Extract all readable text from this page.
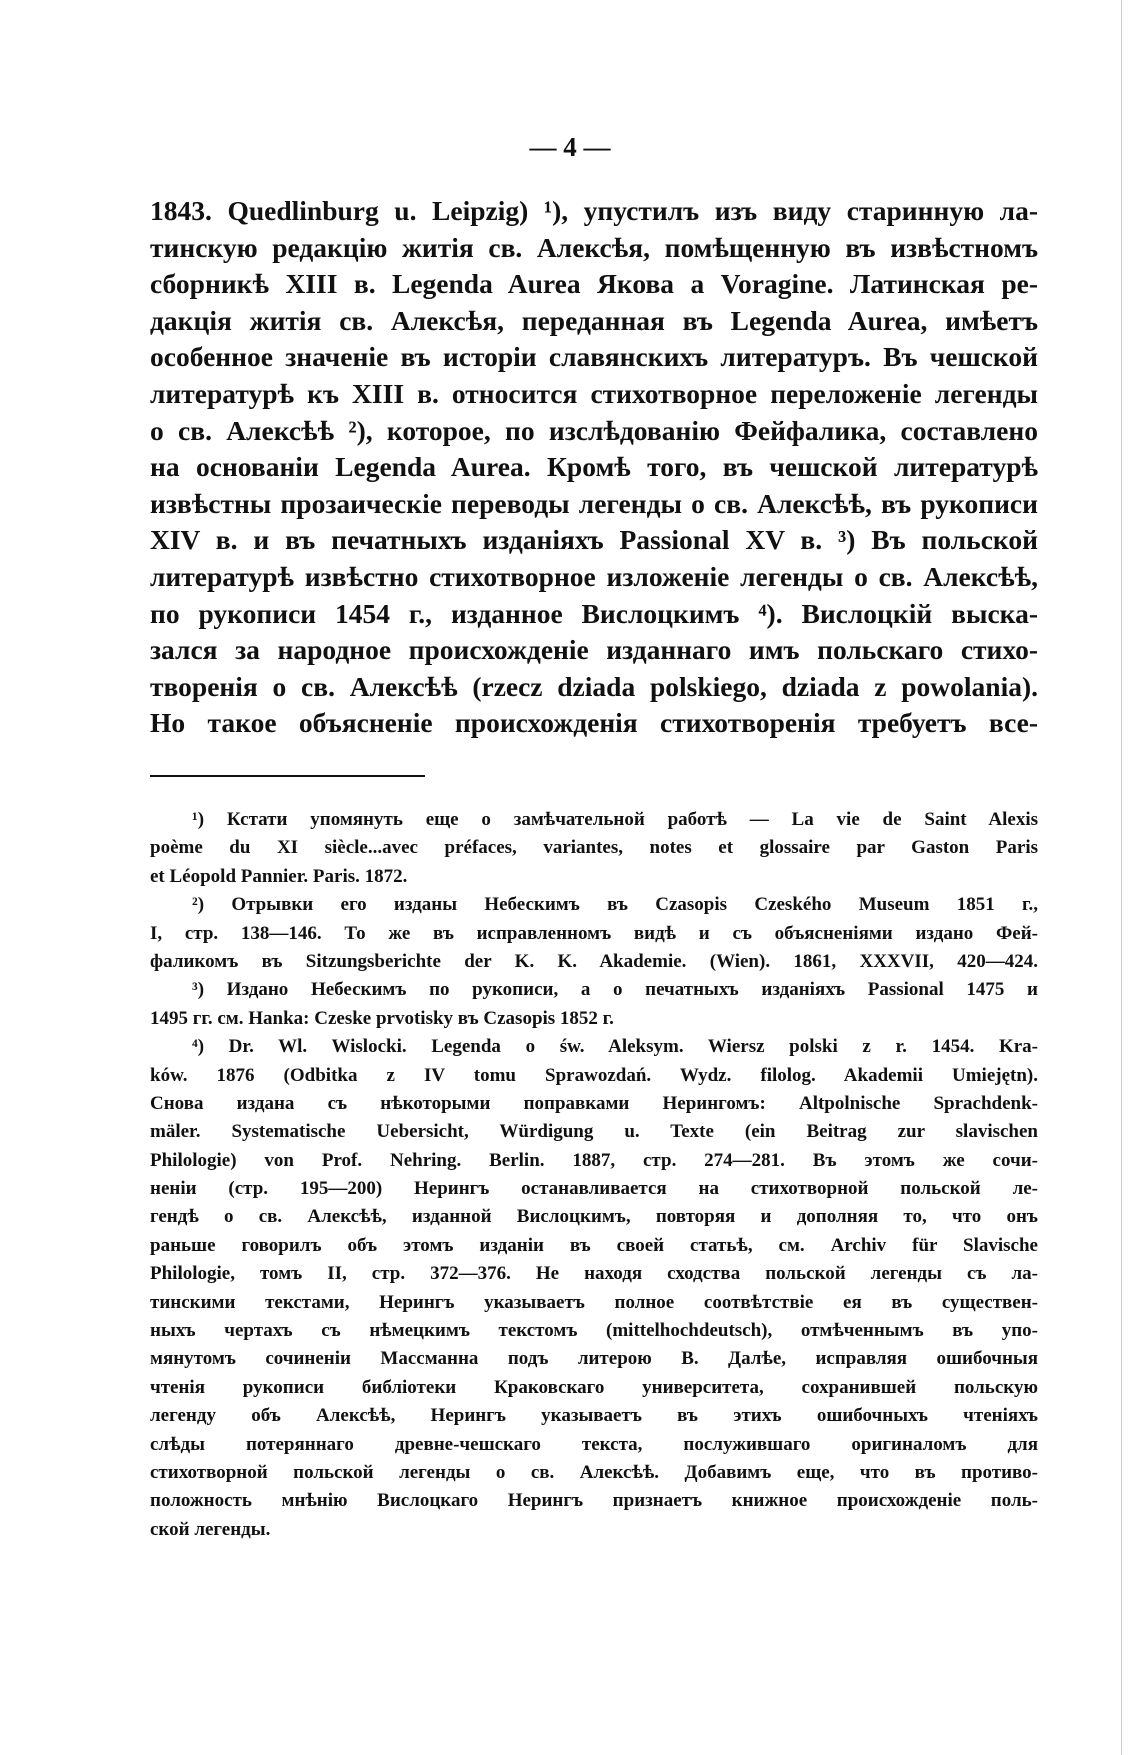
— 4 —
1843. Quedlinburg u. Leipzig) ¹), упустилъ изъ виду старинную ла-
тинскую редакцію житія св. Алексѣя, помѣщенную въ извѣстномъ
сборникѣ XIII в. Legenda Aurea Якова а Voragine. Латинская ре-
дакція житія св. Алексѣя, переданная въ Legenda Aurea, имѣетъ
особенное значеніе въ исторіи славянскихъ литературъ. Въ чешской
литературѣ къ XIII в. относится стихотворное переложеніе легенды
о св. Алексѣѣ ²), которое, по изслѣдованію Фейфалика, составлено
на основаніи Legenda Aurea. Кромѣ того, въ чешской литературѣ
извѣстны прозаическіе переводы легенды о св. Алексѣѣ, въ рукописи
XIV в. и въ печатныхъ изданіяхъ Passional XV в. ³) Въ польской
литературѣ извѣстно стихотворное изложеніе легенды о св. Алексѣѣ,
по рукописи 1454 г., изданное Вислоцкимъ ⁴). Вислоцкій выска-
зался за народное происхожденіе изданнаго имъ польскаго стихо-
творенія о св. Алексѣѣ (rzecz dziada polskiego, dziada z powolania).
Но такое объясненіе происхожденія стихотворенія требуетъ все-
¹) Кстати упомянуть еще о замѣчательной работѣ — La vie de Saint Alexis
poème du XI siècle...avec préfaces, variantes, notes et glossaire par Gaston Paris
et Léopold Pannier. Paris. 1872.
²) Отрывки его изданы Небескимъ въ Czasopis Czeského Museum 1851 г.,
I, стр. 138—146. То же въ исправленномъ видѣ и съ объясненіями издано Фей-
фаликомъ въ Sitzungsberichte der K. K. Akademie. (Wien). 1861, XXXVII, 420—424.
³) Издано Небескимъ по рукописи, а о печатныхъ изданіяхъ Passional 1475 и
1495 гг. см. Hanka: Czeske prvotisky въ Czasopis 1852 г.
⁴) Dr. Wl. Wislocki. Legenda o św. Aleksym. Wiersz polski z r. 1454. Kra-
ków. 1876 (Odbitka z IV tomu Sprawozdań. Wydz. filolog. Akademii Umiejętn).
Снова издана съ нѣкоторыми поправками Нерингомъ: Altpolnische Sprachdenk-
mäler. Systematische Uebersicht, Würdigung u. Texte (ein Beitrag zur slavischen
Philologie) von Prof. Nehring. Berlin. 1887, стр. 274—281. Въ этомъ же сочи-
неніи (стр. 195—200) Нерингъ останавливается на стихотворной польской ле-
гендѣ о св. Алексѣѣ, изданной Вислоцкимъ, повторяя и дополняя то, что онъ
раньше говорилъ объ этомъ изданіи въ своей статьѣ, см. Archiv für Slavische
Philologie, томъ II, стр. 372—376. Не находя сходства польской легенды съ ла-
тинскими текстами, Нерингъ указываетъ полное соотвѣтствіе ея въ существен-
ныхъ чертахъ съ нѣмецкимъ текстомъ (mittelhochdeutsch), отмѣченнымъ въ упо-
мянутомъ сочиненіи Массманна подъ литерою B. Далѣе, исправляя ошибочныя
чтенія рукописи библіотеки Краковскаго университета, сохранившей польскую
легенду объ Алексѣѣ, Нерингъ указываетъ въ этихъ ошибочныхъ чтеніяхъ
слѣды потеряннаго древне-чешскаго текста, послужившаго оригиналомъ для
стихотворной польской легенды о св. Алексѣѣ. Добавимъ еще, что въ противо-
положность мнѣнію Вислоцкаго Нерингъ признаетъ книжное происхожденіе поль-
ской легенды.
